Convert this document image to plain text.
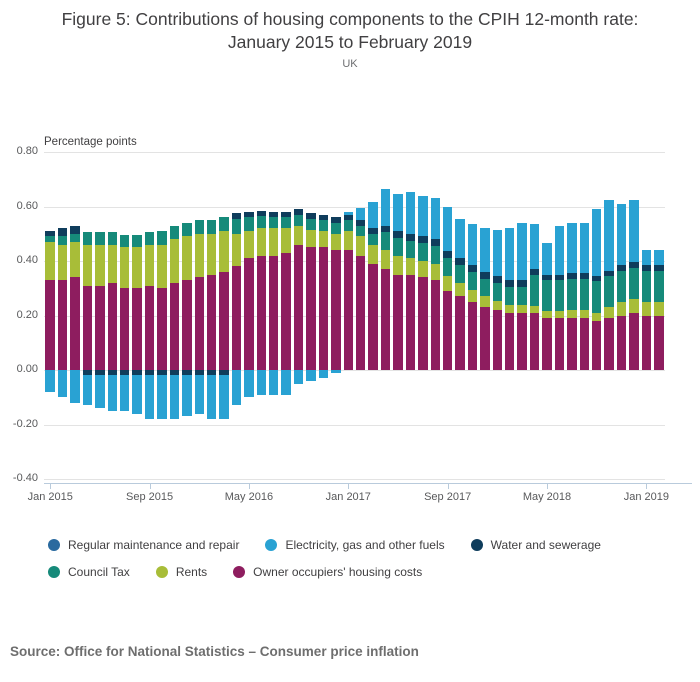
Figure 5: Contributions of housing components to the CPIH 12-month rate: January 2015 to February 2019
UK
Percentage points
0.80
0.60
0.40
0.20
0.00
-0.20
-0.40
Jan 2015	Sep 2015	May 2016	Jan 2017	Sep 2017	May 2018	Jan 2019
Regular maintenance and repair	Electricity, gas and other fuels	Water and sewerage
Council Tax	Rents	Owner occupiers' housing costs
Source: Office for National Statistics – Consumer price inflation
